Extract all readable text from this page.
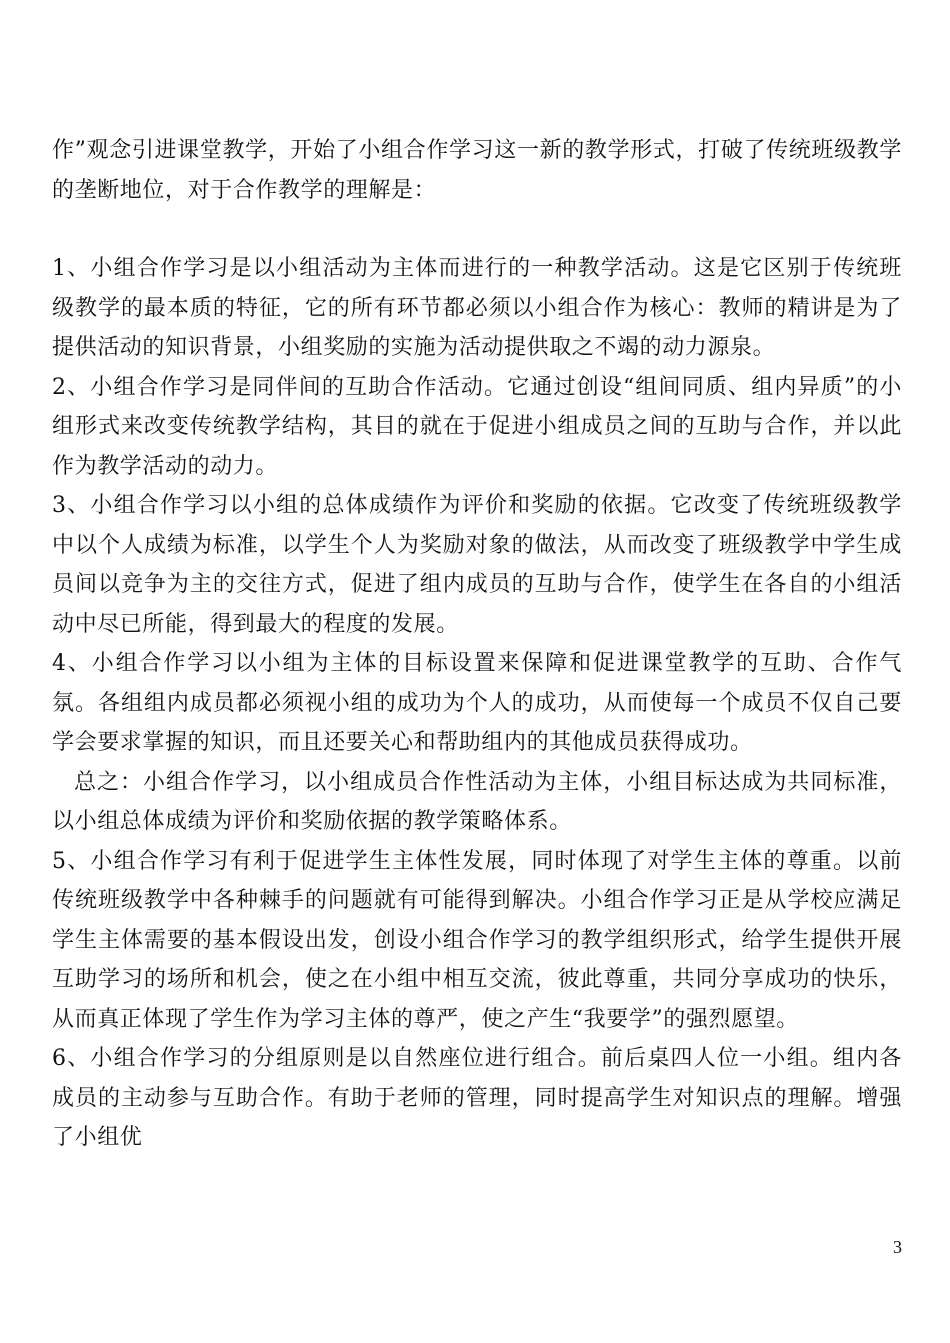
作”观念引进课堂教学，开始了小组合作学习这一新的教学形式，打破了传统班级教学的垄断地位，对于合作教学的理解是：

1、小组合作学习是以小组活动为主体而进行的一种教学活动。这是它区别于传统班级教学的最本质的特征，它的所有环节都必须以小组合作为核心：教师的精讲是为了提供活动的知识背景，小组奖励的实施为活动提供取之不竭的动力源泉。

2、小组合作学习是同伴间的互助合作活动。它通过创设“组间同质、组内异质”的小组形式来改变传统教学结构，其目的就在于促进小组成员之间的互助与合作，并以此作为教学活动的动力。

3、小组合作学习以小组的总体成绩作为评价和奖励的依据。它改变了传统班级教学中以个人成绩为标准，以学生个人为奖励对象的做法，从而改变了班级教学中学生成员间以竞争为主的交往方式，促进了组内成员的互助与合作，使学生在各自的小组活动中尽已所能，得到最大的程度的发展。

4、小组合作学习以小组为主体的目标设置来保障和促进课堂教学的互助、合作气氛。各组组内成员都必须视小组的成功为个人的成功，从而使每一个成员不仅自己要学会要求掌握的知识，而且还要关心和帮助组内的其他成员获得成功。

总之：小组合作学习，以小组成员合作性活动为主体，小组目标达成为共同标准，以小组总体成绩为评价和奖励依据的教学策略体系。

5、小组合作学习有利于促进学生主体性发展，同时体现了对学生主体的尊重。以前传统班级教学中各种棘手的问题就有可能得到解决。小组合作学习正是从学校应满足学生主体需要的基本假设出发，创设小组合作学习的教学组织形式，给学生提供开展互助学习的场所和机会，使之在小组中相互交流，彼此尊重，共同分享成功的快乐，从而真正体现了学生作为学习主体的尊严，使之产生“我要学”的强烈愿望。

6、小组合作学习的分组原则是以自然座位进行组合。前后桌四人位一小组。组内各成员的主动参与互助合作。有助于老师的管理，同时提高学生对知识点的理解。增强了小组优

3
